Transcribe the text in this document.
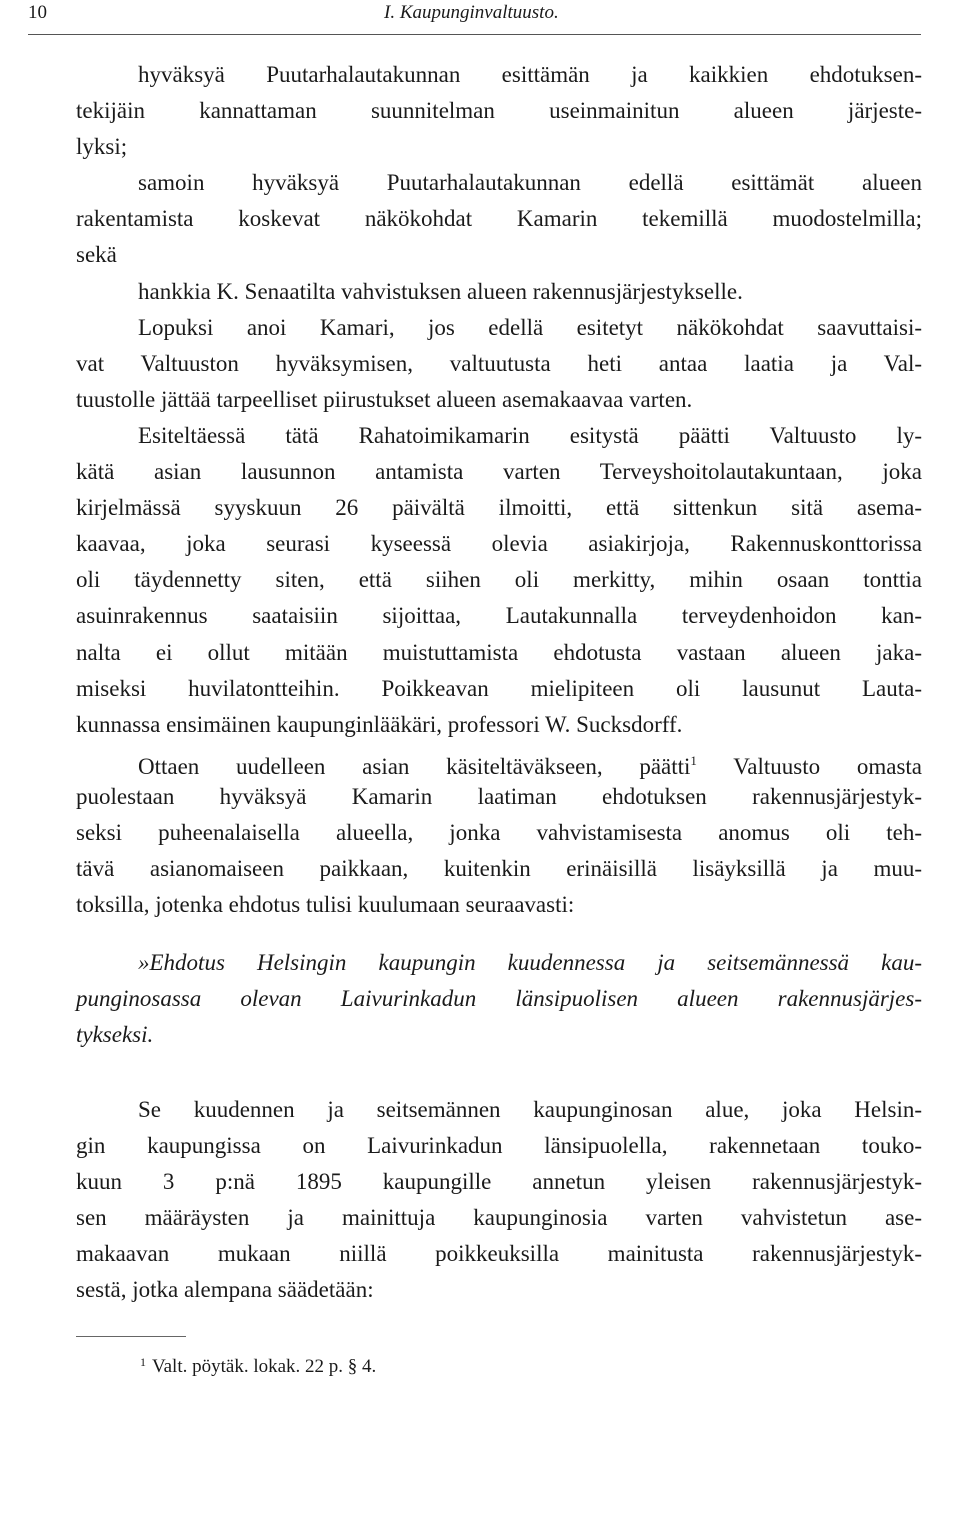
10	I. Kaupunginvaltuusto.
hyväksyä Puutarhalautakunnan esittämän ja kaikkien ehdotuksen-
tekijäin kannattaman suunnitelman useinmainitun alueen järjeste-
lyksi;
samoin hyväksyä Puutarhalautakunnan edellä esittämät alueen
rakentamista koskevat näkökohdat Kamarin tekemillä muodostelmilla;
sekä
hankkia K. Senaatilta vahvistuksen alueen rakennusjärjestykselle.
Lopuksi anoi Kamari, jos edellä esitetyt näkökohdat saavuttaisi-
vat Valtuuston hyväksymisen, valtuutusta heti antaa laatia ja Val-
tuustolle jättää tarpeelliset piirustukset alueen asemakaavaa varten.
Esiteltäessä tätä Rahatoimikamarin esitystä päätti Valtuusto ly-
kätä asian lausunnon antamista varten Terveyshoitolautakuntaan, joka
kirjelmässä syyskuun 26 päivältä ilmoitti, että sittenkun sitä asema-
kaavaa, joka seurasi kyseessä olevia asiakirjoja, Rakennuskonttorissa
oli täydennetty siten, että siihen oli merkitty, mihin osaan tonttia
asuinrakennus saataisiin sijoittaa, Lautakunnalla terveydenhoidon kan-
nalta ei ollut mitään muistuttamista ehdotusta vastaan alueen jaka-
miseksi huvilatontteihin. Poikkeavan mielipiteen oli lausunut Lauta-
kunnassa ensimäinen kaupunginlääkäri, professori W. Sucksdorff.
Ottaen uudelleen asian käsiteltäväkseen, päätti$^1$ Valtuusto omasta
puolestaan hyväksyä Kamarin laatiman ehdotuksen rakennusjärjestyk-
seksi puheenalaisella alueella, jonka vahvistamisesta anomus oli teh-
tävä asianomaiseen paikkaan, kuitenkin erinäisillä lisäyksillä ja muu-
toksilla, jotenka ehdotus tulisi kuulumaan seuraavasti:
»Ehdotus Helsingin kaupungin kuudennessa ja seitsemännessä kau-
punginosassa olevan Laivurinkadun länsipuolisen alueen rakennusjärjes-
tykseksi.
Se kuudennen ja seitsemännen kaupunginosan alue, joka Helsin-
gin kaupungissa on Laivurinkadun länsipuolella, rakennetaan touko-
kuun 3 p:nä 1895 kaupungille annetun yleisen rakennusjärjestyk-
sen määräysten ja mainittuja kaupunginosia varten vahvistetun ase-
makaavan mukaan niillä poikkeuksilla mainitusta rakennusjärjestyk-
sestä, jotka alempana säädetään:
$^1$ Valt. pöytäk. lokak. 22 p. § 4.
